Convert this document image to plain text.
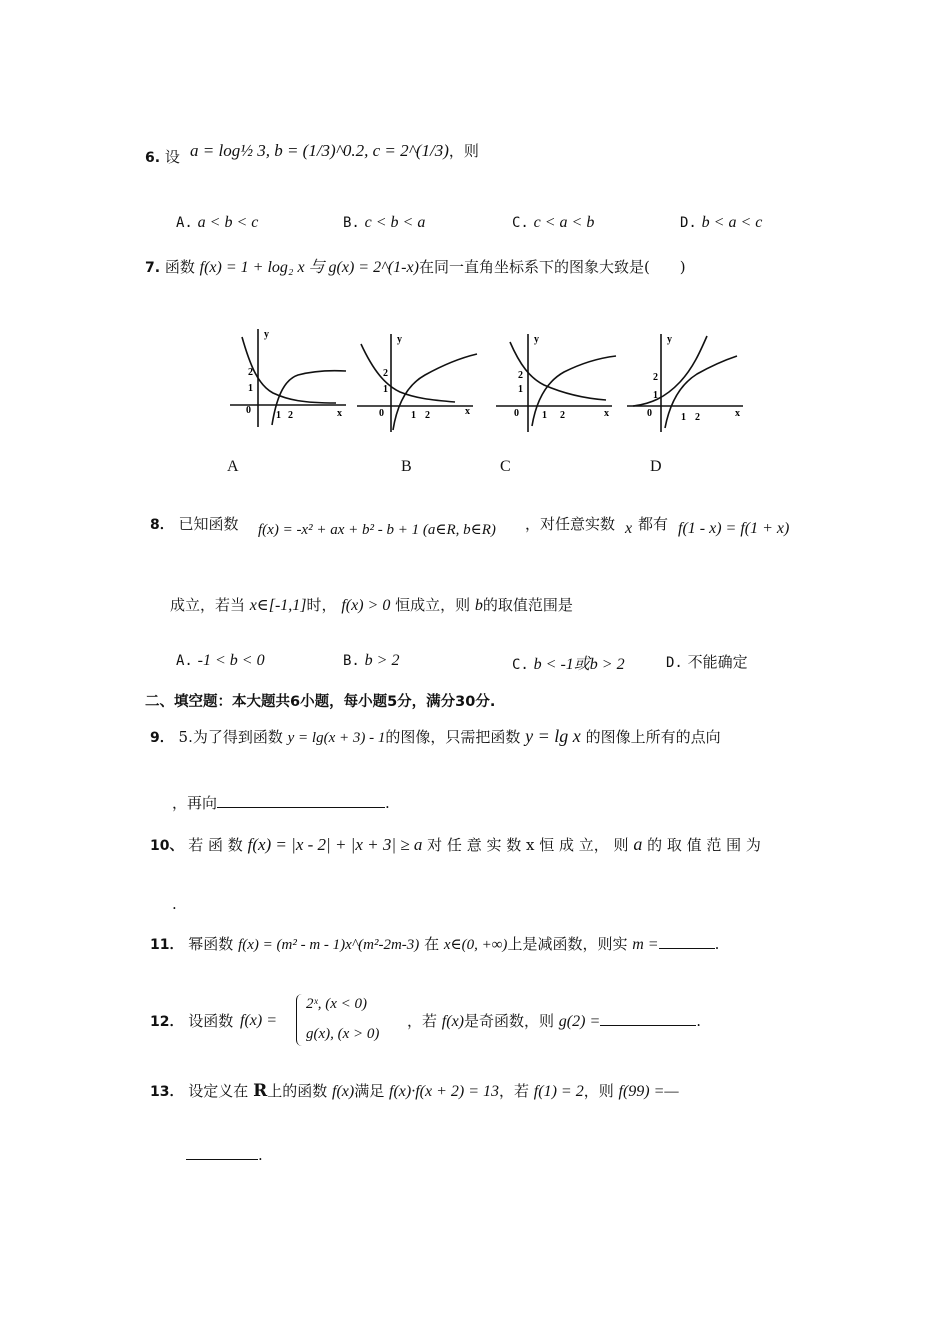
6. 设 a = log½ 3, b = (1/3)^0.2, c = 2^(1/3)，则
A. a < b < c	B. c < b < a	C. c < a < b	D. b < a < c
7. 函数 f(x) = 1 + log₂ x 与 g(x) = 2^(1-x)在同一直角坐标系下的图象大致是(　　)
y
x
0	1 2
1
2
A
y
x
0	1 2
1
2
B
y
x
0 1 2
1
2
C
y
x
0	1 2
1
2
D
8． 已知函数 f(x) = -x² + ax + b² - b + 1 (a∈R, b∈R) ，对任意实数 x 都有 f(1 - x) = f(1 + x)
成立，若当 x∈[-1,1]时， f(x) > 0 恒成立，则 b的取值范围是
A. -1 < b < 0	B. b > 2	C. b < -1或b > 2	D. 不能确定
二、填空题：本大题共6小题，每小题5分，满分30分.
9． 5.为了得到函数 y = lg(x + 3) - 1的图像，只需把函数 y = lg x 的图像上所有的点向
，再向	.
10、 若 函 数 f(x) = |x - 2| + |x + 3| ≥ a 对 任 意 实 数 x 恒 成 立， 则 a 的 取 值 范 围 为
.
11． 幂函数 f(x) = (m² - m - 1)x^(m²-2m-3) 在 x∈(0, +∞)上是减函数，则实 m =	.
12． 设函数 f(x) =
2ˣ, (x < 0)
g(x), (x > 0)
，若 f(x)是奇函数，则 g(2) =	.
13． 设定义在 R上的函数 f(x)满足 f(x)·f(x + 2) = 13，若 f(1) = 2，则 f(99) =—
.
